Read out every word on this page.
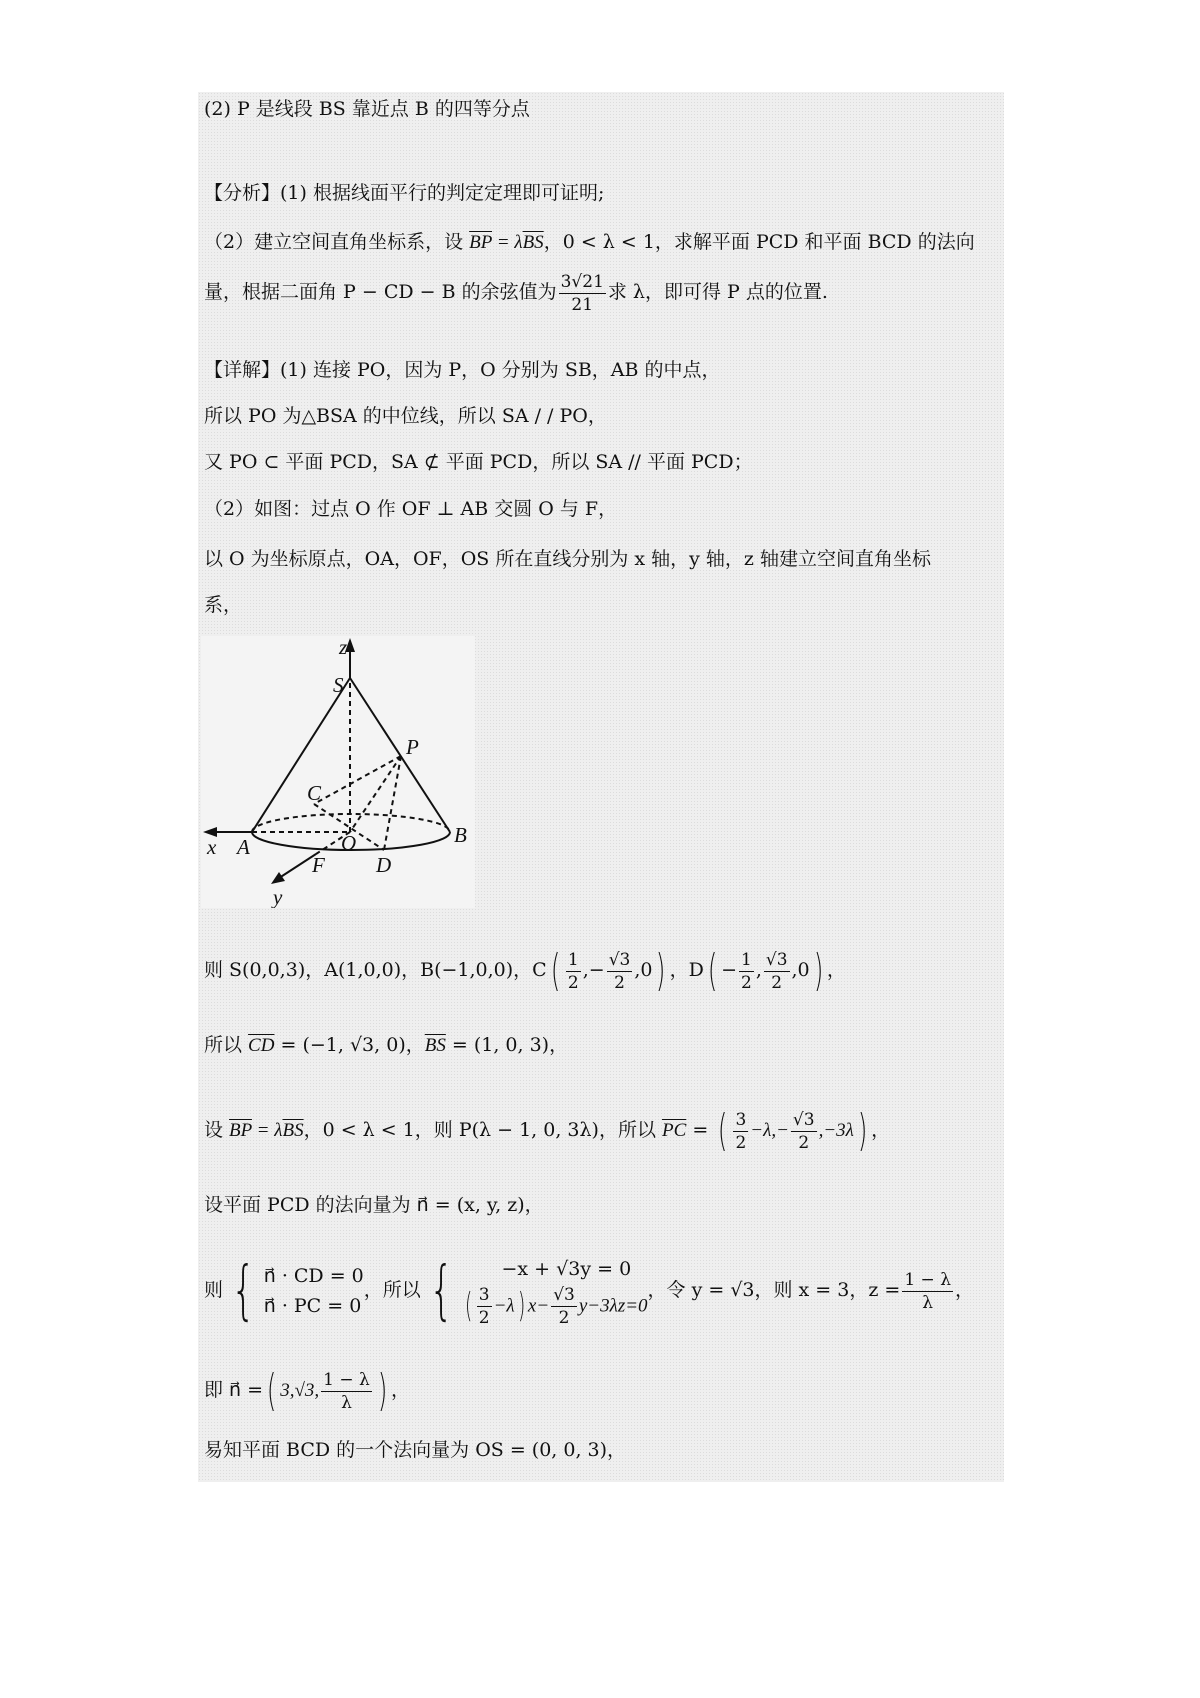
(2) P 是线段 BS 靠近点 B 的四等分点
【分析】(1) 根据线面平行的判定定理即可证明;
（2）建立空间直角坐标系，设 $\overline{BP} = \lambda\overline{BS}$，0 < λ < 1，求解平面 PCD 和平面 BCD 的法向
量，根据二面角 P − CD − B 的余弦值为 $\frac{3√21}{21}$ 求 λ，即可得 P 点的位置.
【详解】(1) 连接 PO，因为 P，O 分别为 SB，AB 的中点，
所以 PO 为△BSA 的中位线，所以 SA / / PO，
又 PO ⊂ 平面 PCD，SA ⊄ 平面 PCD，所以 SA // 平面 PCD；
（2）如图：过点 O 作 OF ⊥ AB 交圆 O 与 F，
以 O 为坐标原点，OA，OF，OS 所在直线分别为 x 轴，y 轴，z 轴建立空间直角坐标
系，
z
S
P
C
x A	O	B
F D
y
则 S(0,0,3)，A(1,0,0)，B(−1,0,0)，$C( \frac{1}{2}$ ,− $\frac{√3}{2} ,0$) ，$D( - \frac{1}{2}$ , $\frac{√3}{2} ,0$) ，
所以 $\overline{CD} = (-1$, √3, 0)，$\overline{BS} = (1$, 0, 3)，
设 $\overline{BP} = \lambda\overline{BS}$，0 < λ < 1，则 P(λ − 1, 0, 3λ)，所以 $\overline{PC}$ = ( $\frac{3}{2} -\lambda,- \frac{√3}{2} ,-3\lambda$) ，
设平面 PCD 的法向量为 n⃗ = (x, y, z)，
则 { n⃗ · CD = 0
n⃗ · PC = 0
，所以 {	−x + √3y = 0
( $\frac{3}{2} -\lambda$) $x- \frac{√3}{2} y-3\lambda z=0$
，令 y = √3，则 x = 3，$z = \frac{1 - \lambda}{\lambda}$ ，
即 n⃗ =( 3,√3, $\frac{1 - \lambda}{\lambda}$ ) ，
易知平面 BCD 的一个法向量为 OS = (0, 0, 3)，
